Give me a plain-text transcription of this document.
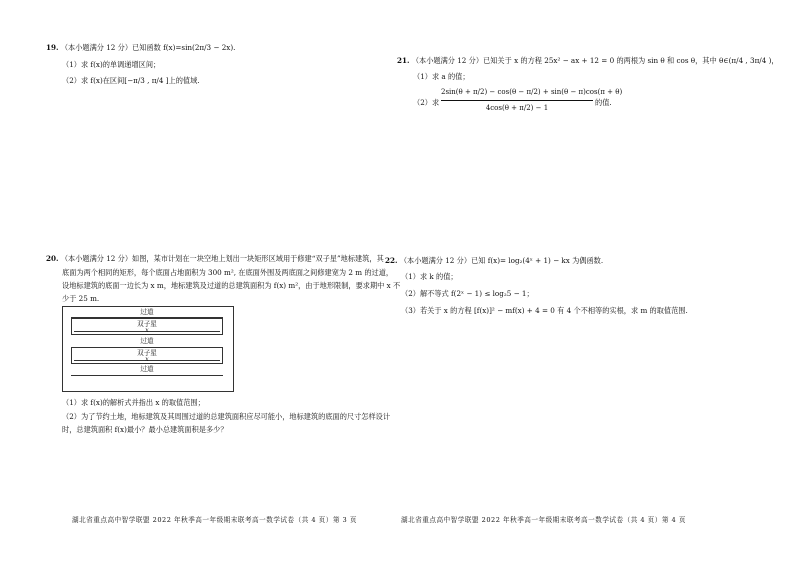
19. （本小题满分 12 分）已知函数 f(x)=sin(2π/3 − 2x).
（1）求 f(x)的单调递增区间；
（2）求 f(x)在区间[−π/3 , π/4 ]上的值域.
20. （本小题满分 12 分）如图，某市计划在一块空地上划出一块矩形区域用于修建“双子星”地标建筑，其
底面为两个相同的矩形，每个底面占地面积为 300 m², 在底面外围及两底面之间修建宽为 2 m 的过道，
设地标建筑的底面一边长为 x m，地标建筑及过道的总建筑面积为 f(x) m²，由于地形限制，要求期中 x 不
少于 25 m.
过道
双子星
x
过道
双子星
x
过道
（1）求 f(x)的解析式并指出 x 的取值范围；
（2）为了节约土地，地标建筑及其周围过道的总建筑面积应尽可能小，地标建筑的底面的尺寸怎样设计
时，总建筑面积 f(x)最小？最小总建筑面积是多少？
湖北省重点高中智学联盟 2022 年秋季高一年级期末联考高一数学试卷（共 4 页）第 3 页
21. （本小题满分 12 分）已知关于 x 的方程 25x² − ax + 12 = 0 的两根为 sin θ 和 cos θ，其中 θ∈(π/4 , 3π/4 )，
（1）求 a 的值；
（2）求
2sin(θ + π/2) − cos(θ − π/2) + sin(θ − π)cos(π + θ)
4cos(θ + π/2) − 1
的值.
22. （本小题满分 12 分）已知 f(x)= log₂(4ˣ + 1) − kx 为偶函数.
（1）求 k 的值；
（2）解不等式 f(2ˣ − 1) ≤ log₂5 − 1；
（3）若关于 x 的方程 [f(x)]² − mf(x) + 4 = 0 有 4 个不相等的实根，求 m 的取值范围.
湖北省重点高中智学联盟 2022 年秋季高一年级期末联考高一数学试卷（共 4 页）第 4 页
